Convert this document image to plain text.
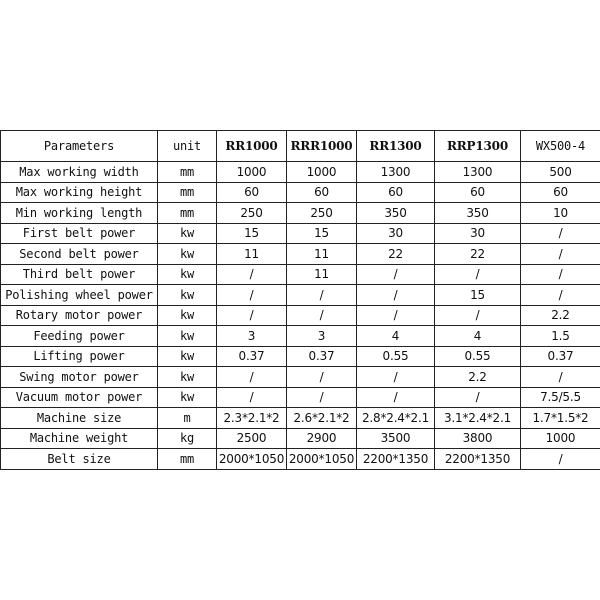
Parameters	unit	RR1000	RRR1000	RR1300	RRP1300	WX500-4
Max working width	mm	1000	1000	1300	1300	500
Max working height	mm	60	60	60	60	60
Min working length	mm	250	250	350	350	10
First belt power	kw	15	15	30	30	/
Second belt power	kw	11	11	22	22	/
Third belt power	kw	/	11	/	/	/
Polishing wheel power	kw	/	/	/	15	/
Rotary motor power	kw	/	/	/	/	2.2
Feeding power	kw	3	3	4	4	1.5
Lifting power	kw	0.37	0.37	0.55	0.55	0.37
Swing motor power	kw	/	/	/	2.2	/
Vacuum motor power	kw	/	/	/	/	7.5/5.5
Machine size	m	2.3*2.1*2	2.6*2.1*2	2.8*2.4*2.1	3.1*2.4*2.1	1.7*1.5*2
Machine weight	kg	2500	2900	3500	3800	1000
Belt size	mm	2000*1050	2000*1050	2200*1350	2200*1350	/
